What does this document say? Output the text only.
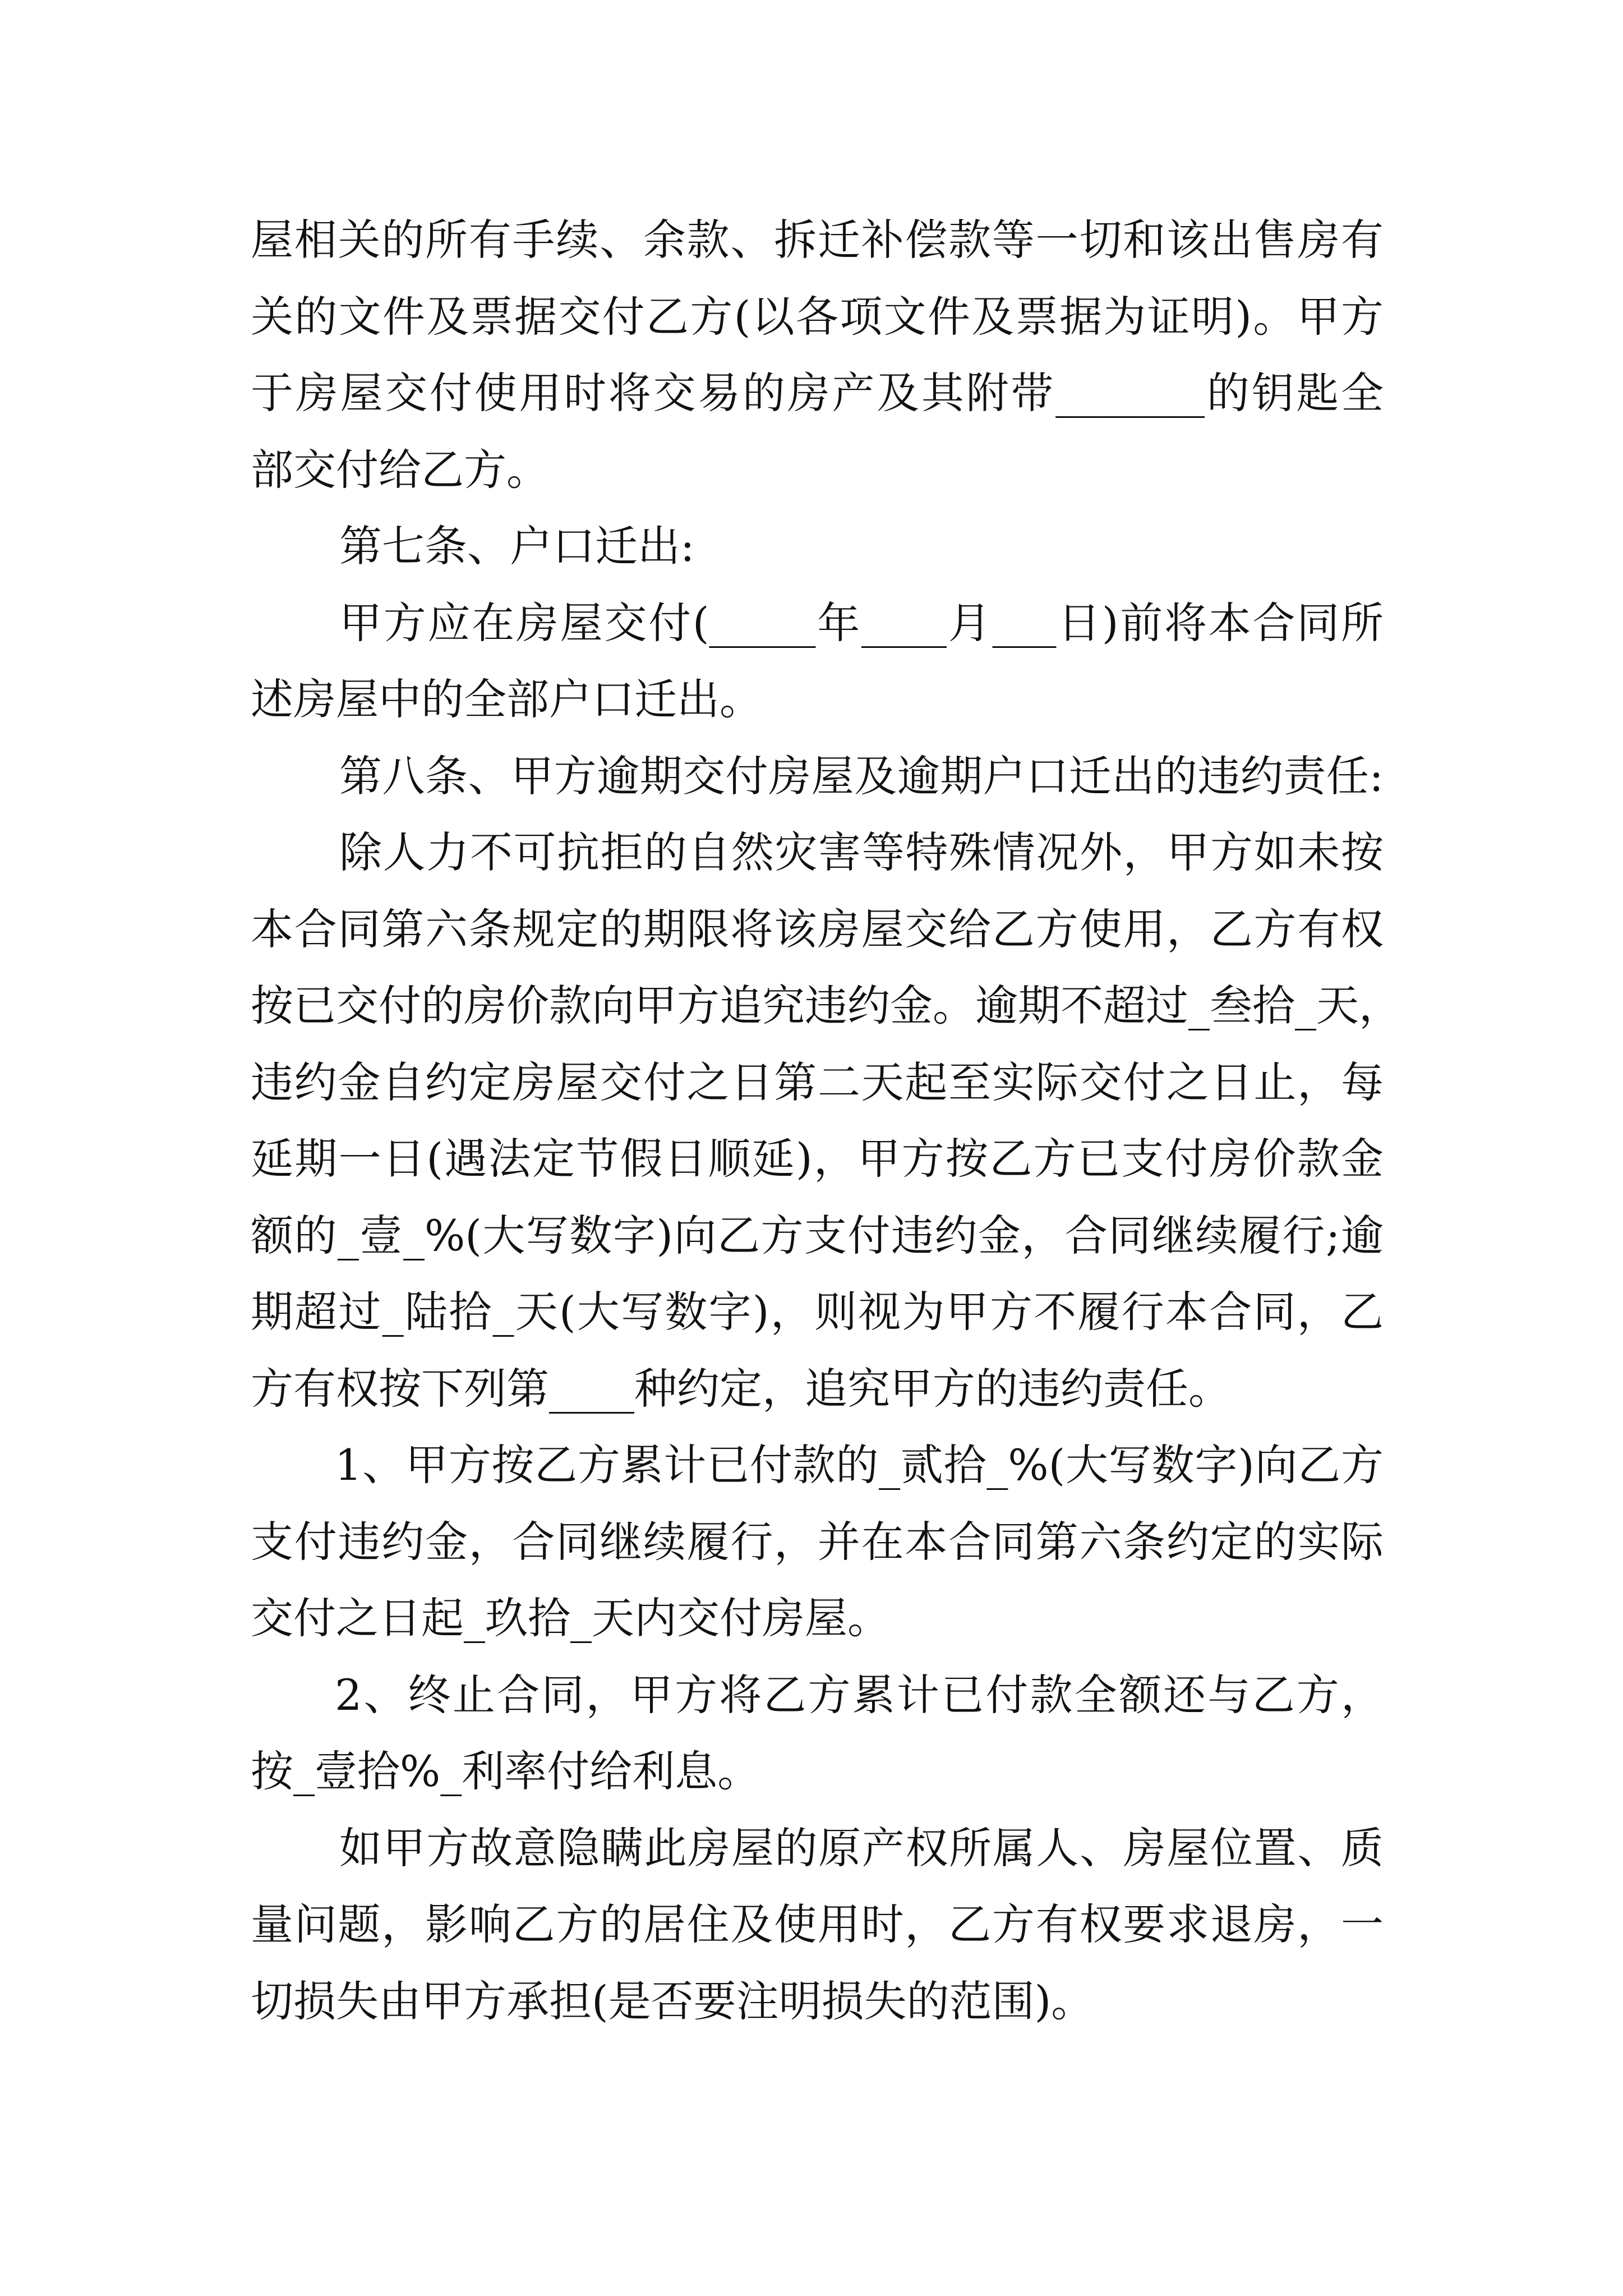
屋相关的所有手续、余款、拆迁补偿款等一切和该出售房有
关的文件及票据交付乙方(以各项文件及票据为证明)。甲方
于房屋交付使用时将交易的房产及其附带_______的钥匙全
部交付给乙方。
第七条、户口迁出:
甲方应在房屋交付(_____年____月___日)前将本合同所
述房屋中的全部户口迁出。
第八条、甲方逾期交付房屋及逾期户口迁出的违约责任:
除人力不可抗拒的自然灾害等特殊情况外，甲方如未按
本合同第六条规定的期限将该房屋交给乙方使用，乙方有权
按已交付的房价款向甲方追究违约金。逾期不超过_叁拾_天，
违约金自约定房屋交付之日第二天起至实际交付之日止，每
延期一日(遇法定节假日顺延)，甲方按乙方已支付房价款金
额的_壹_%(大写数字)向乙方支付违约金，合同继续履行;逾
期超过_陆拾_天(大写数字)，则视为甲方不履行本合同，乙
方有权按下列第____种约定，追究甲方的违约责任。
1、甲方按乙方累计已付款的_贰拾_%(大写数字)向乙方
支付违约金，合同继续履行，并在本合同第六条约定的实际
交付之日起_玖拾_天内交付房屋。
2、终止合同，甲方将乙方累计已付款全额还与乙方，
按_壹拾%_利率付给利息。
如甲方故意隐瞒此房屋的原产权所属人、房屋位置、质
量问题，影响乙方的居住及使用时，乙方有权要求退房，一
切损失由甲方承担(是否要注明损失的范围)。
